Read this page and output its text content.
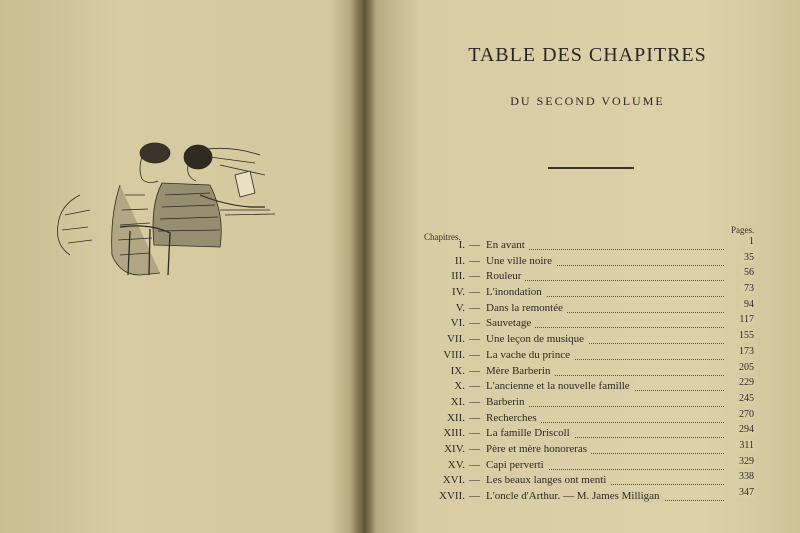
TABLE DES CHAPITRES
DU SECOND VOLUME
Chapitres.
Pages.
I. — En avant	1
II. — Une ville noire	35
III. — Rouleur	56
IV. — L'inondation	73
V. — Dans la remontée	94
VI. — Sauvetage	117
VII. — Une leçon de musique	155
VIII. — La vache du prince	173
IX. — Mère Barberin	205
X. — L'ancienne et la nouvelle famille	229
XI. — Barberin	245
XII. — Recherches	270
XIII. — La famille Driscoll	294
XIV. — Père et mère honoreras	311
XV. — Capi perverti	329
XVI. — Les beaux langes ont menti	338
XVII. — L'oncle d'Arthur. — M. James Milligan	347
